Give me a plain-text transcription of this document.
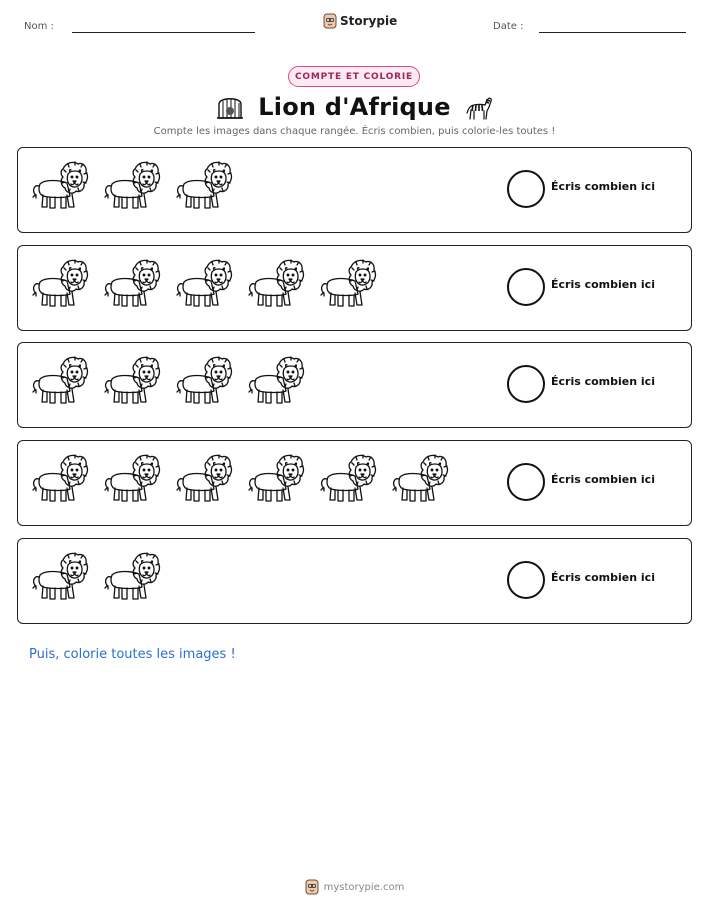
Nom :	Storypie	Date :
COMPTE ET COLORIE
Lion d'Afrique
Compte les images dans chaque rangée. Écris combien, puis colorie-les toutes !
Écris combien ici
Écris combien ici
Écris combien ici
Écris combien ici
Écris combien ici
Puis, colorie toutes les images !
mystorypie.com
